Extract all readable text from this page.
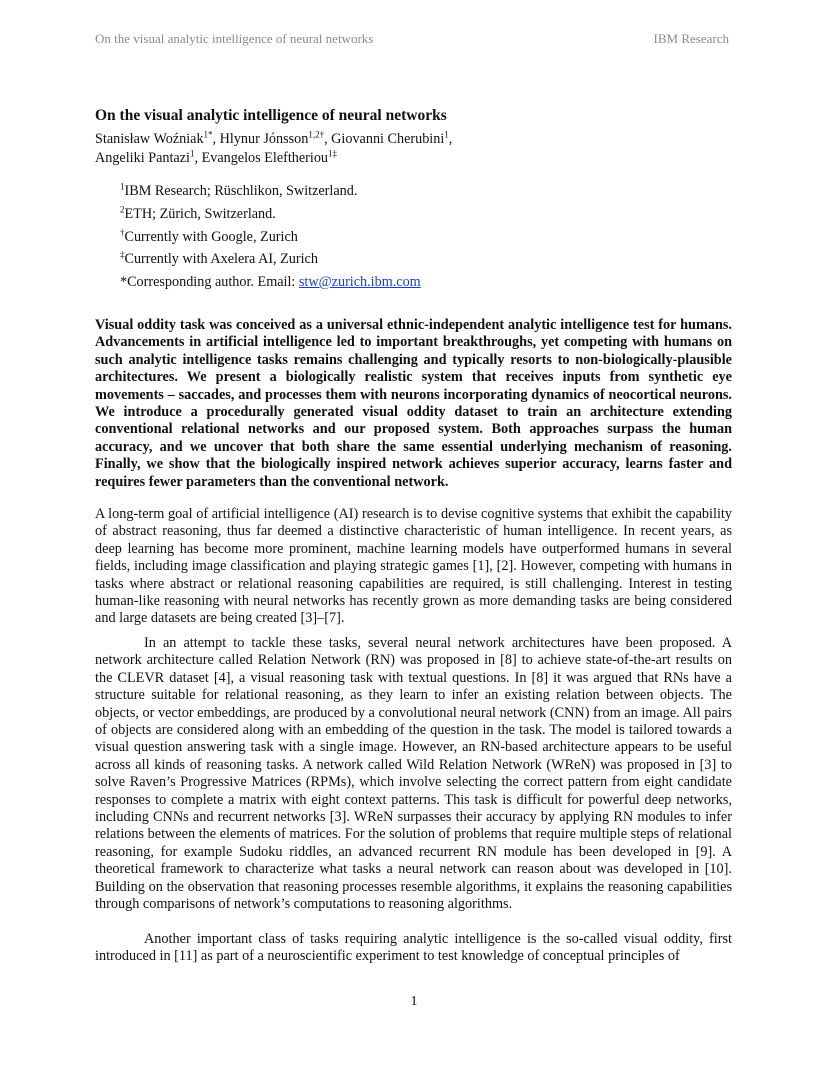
On the visual analytic intelligence of neural networks	IBM Research
On the visual analytic intelligence of neural networks
Stanisław Woźniak$^{1*}$, Hlynur Jónsson$^{1,2\dagger}$, Giovanni Cherubini$^1$,
Angeliki Pantazi$^1$, Evangelos Eleftheriou$^{1\ddagger}$
$^1$IBM Research; Rüschlikon, Switzerland.
$^2$ETH; Zürich, Switzerland.
†Currently with Google, Zurich
‡Currently with Axelera AI, Zurich
*Corresponding author. Email: stw@zurich.ibm.com

Visual oddity task was conceived as a universal ethnic-independent analytic intelligence test for humans. Advancements in artificial intelligence led to important breakthroughs, yet competing with humans on such analytic intelligence tasks remains challenging and typically resorts to non-biologically-plausible architectures. We present a biologically realistic system that receives inputs from synthetic eye movements – saccades, and processes them with neurons incorporating dynamics of neocortical neurons. We introduce a procedurally generated visual oddity dataset to train an architecture extending conventional relational networks and our proposed system. Both approaches surpass the human accuracy, and we uncover that both share the same essential underlying mechanism of reasoning. Finally, we show that the biologically inspired network achieves superior accuracy, learns faster and requires fewer parameters than the conventional network.

A long-term goal of artificial intelligence (AI) research is to devise cognitive systems that exhibit the capability of abstract reasoning, thus far deemed a distinctive characteristic of human intelligence. In recent years, as deep learning has become more prominent, machine learning models have outperformed humans in several fields, including image classification and playing strategic games [1], [2]. However, competing with humans in tasks where abstract or relational reasoning capabilities are required, is still challenging. Interest in testing human-like reasoning with neural networks has recently grown as more demanding tasks are being considered and large datasets are being created [3]–[7].

In an attempt to tackle these tasks, several neural network architectures have been proposed. A network architecture called Relation Network (RN) was proposed in [8] to achieve state-of-the-art results on the CLEVR dataset [4], a visual reasoning task with textual questions. In [8] it was argued that RNs have a structure suitable for relational reasoning, as they learn to infer an existing relation between objects. The objects, or vector embeddings, are produced by a convolutional neural network (CNN) from an image. All pairs of objects are considered along with an embedding of the question in the task. The model is tailored towards a visual question answering task with a single image. However, an RN-based architecture appears to be useful across all kinds of reasoning tasks. A network called Wild Relation Network (WReN) was proposed in [3] to solve Raven’s Progressive Matrices (RPMs), which involve selecting the correct pattern from eight candidate responses to complete a matrix with eight context patterns. This task is difficult for powerful deep networks, including CNNs and recurrent networks [3]. WReN surpasses their accuracy by applying RN modules to infer relations between the elements of matrices. For the solution of problems that require multiple steps of relational reasoning, for example Sudoku riddles, an advanced recurrent RN module has been developed in [9]. A theoretical framework to characterize what tasks a neural network can reason about was developed in [10]. Building on the observation that reasoning processes resemble algorithms, it explains the reasoning capabilities through comparisons of network’s computations to reasoning algorithms.

Another important class of tasks requiring analytic intelligence is the so-called visual oddity, first introduced in [11] as part of a neuroscientific experiment to test knowledge of conceptual principles of

1
